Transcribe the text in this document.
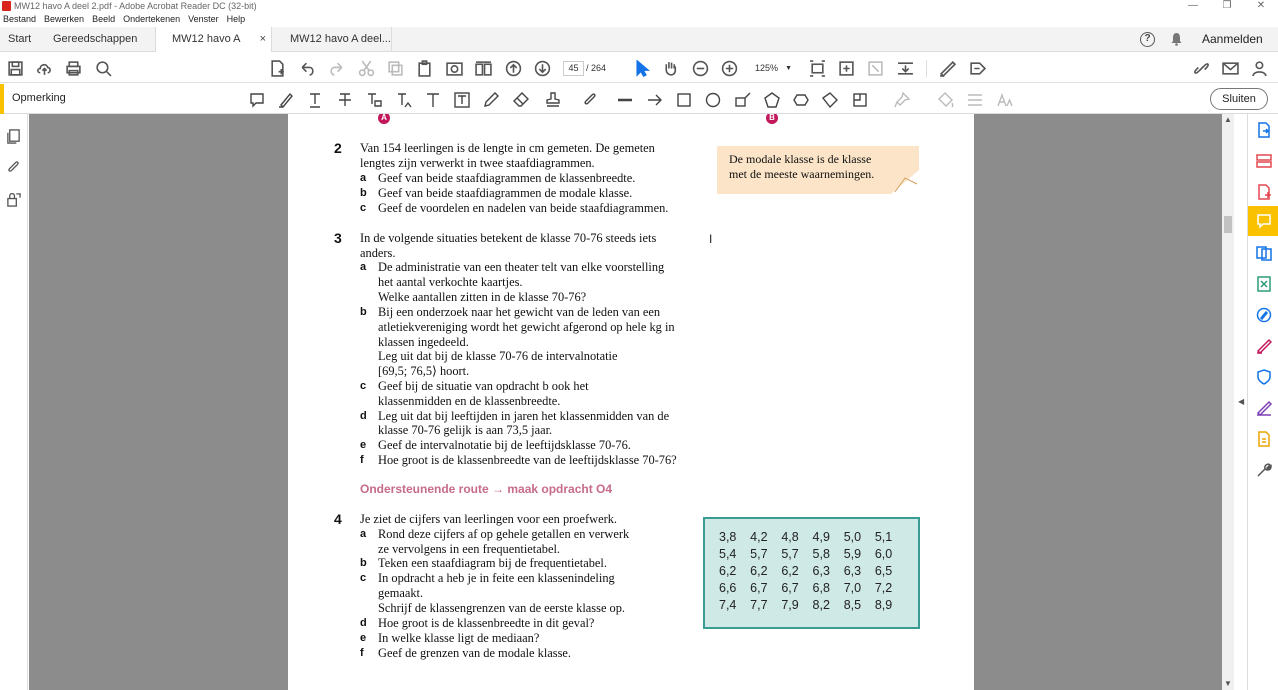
MW12 havo A deel 2.pdf - Adobe Acrobat Reader DC (32-bit)	—	❐	✕
Bestand Bewerken Beeld Ondertekenen Venster Help
Start Gereedschappen	MW12 havo A ×	MW12 havo A deel...	?	Aanmelden
45 / 264	125% ▼
Opmerking	Sluiten
A	B
2 Van 154 leerlingen is de lengte in cm gemeten. De gemeten
lengtes zijn verwerkt in twee staafdiagrammen.
a Geef van beide staafdiagrammen de klassenbreedte.
b Geef van beide staafdiagrammen de modale klasse.
c Geef de voordelen en nadelen van beide staafdiagrammen.
De modale klasse is de klasse
met de meeste waarnemingen.
3 In de volgende situaties betekent de klasse 70-76 steeds iets
anders.
a De administratie van een theater telt van elke voorstelling
het aantal verkochte kaartjes.
Welke aantallen zitten in de klasse 70-76?
b Bij een onderzoek naar het gewicht van de leden van een
atletiekvereniging wordt het gewicht afgerond op hele kg in
klassen ingedeeld.
Leg uit dat bij de klasse 70-76 de intervalnotatie
[69,5; 76,5⟩ hoort.
c Geef bij de situatie van opdracht b ook het
klassenmidden en de klassenbreedte.
d Leg uit dat bij leeftijden in jaren het klassenmidden van de
klasse 70-76 gelijk is aan 73,5 jaar.
e Geef de intervalnotatie bij de leeftijdsklasse 70-76.
f Hoe groot is de klassenbreedte van de leeftijdsklasse 70-76?
Ondersteunende route → maak opdracht O4
4 Je ziet de cijfers van leerlingen voor een proefwerk.
a Rond deze cijfers af op gehele getallen en verwerk
ze vervolgens in een frequentietabel.
b Teken een staafdiagram bij de frequentietabel.
c In opdracht a heb je in feite een klassenindeling
gemaakt.
Schrijf de klassengrenzen van de eerste klasse op.
d Hoe groot is de klassenbreedte in dit geval?
e In welke klasse ligt de mediaan?
f Geef de grenzen van de modale klasse.
3,8	4,2	4,8	4,9	5,0	5,1
5,4	5,7	5,7	5,8	5,9	6,0
6,2	6,2	6,2	6,3	6,3	6,5
6,6	6,7	6,7	6,8	7,0	7,2
7,4	7,7	7,9	8,2	8,5	8,9
I
▲
▼
◀
